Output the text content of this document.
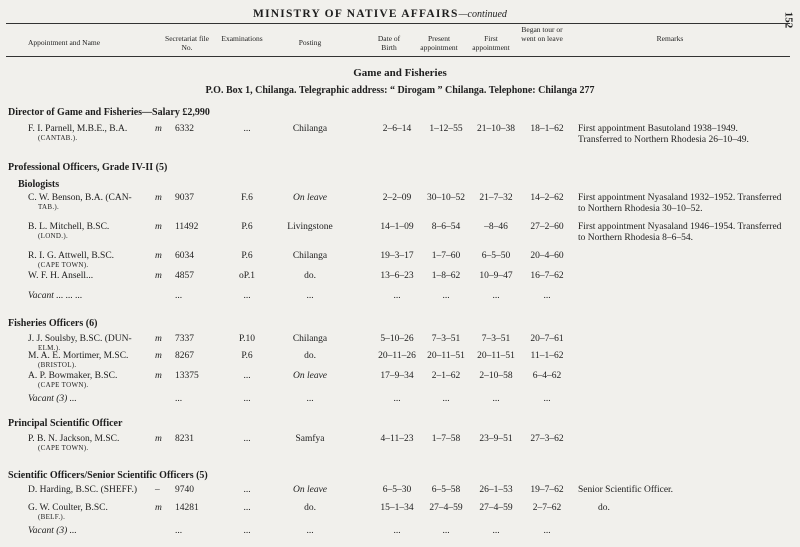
MINISTRY OF NATIVE AFFAIRS—continued	152
Appointment and Name	Secretariat file No.
Examinations	Posting	Date of Birth
Present appointment
First appointment
Began tour or went on leave	Remarks
Game and Fisheries
P.O. Box 1, Chilanga. Telegraphic address: “ Dirogam ” Chilanga. Telephone: Chilanga 277
Director of Game and Fisheries—Salary £2,990
F. I. Parnell, M.B.E., B.A.
(CANTAB.).
m 6332	...	Chilanga	2–6–14	1–12–55	21–10–38	18–1–62	First appointment Basutoland 1938–1949. Transferred to Northern Rhodesia 26–10–49.
Professional Officers, Grade IV-II (5)
Biologists
C. W. Benson, B.A. (CAN-
TAB.).
m 9037	F.6	On leave	2–2–09	30–10–52	21–7–32	14–2–62	First appointment Nyasaland 1932–1952. Transferred to Northern Rhodesia 30–10–52.
B. L. Mitchell, B.SC.
(LOND.).
m 11492	P.6	Livingstone	14–1–09	8–6–54	–8–46	27–2–60	First appointment Nyasaland 1946–1954. Transferred to Northern Rhodesia 8–6–54.
R. I. G. Attwell, B.SC.
(CAPE TOWN).
m 6034	P.6	Chilanga	19–3–17	1–7–60	6–5–50	20–4–60
W. F. H. Ansell...	m 4857	oP.1	do.	13–6–23	1–8–62	10–9–47	16–7–62
Vacant ... ... ...	...	...	...	...	...	...	...
Fisheries Officers (6)
J. J. Soulsby, B.SC. (DUN-
ELM.).
m 7337	P.10	Chilanga	5–10–26	7–3–51	7–3–51	20–7–61
M. A. E. Mortimer, M.SC.
(BRISTOL).
m 8267	P.6	do.	20–11–26	20–11–51	20–11–51	11–1–62
A. P. Bowmaker, B.SC.
(CAPE TOWN).
m 13375	...	On leave	17–9–34	2–1–62	2–10–58	6–4–62
Vacant (3) ...	...	...	...	...	...	...	...
Principal Scientific Officer
P. B. N. Jackson, M.SC.
(CAPE TOWN).
m 8231	...	Samfya	4–11–23	1–7–58	23–9–51	27–3–62
Scientific Officers/Senior Scientific Officers (5)
D. Harding, B.SC. (SHEFF.) – 9740	...	On leave	6–5–30	6–5–58	26–1–53	19–7–62	Senior Scientific Officer.
G. W. Coulter, B.SC.
(BELF.).
m 14281	...	do.	15–1–34	27–4–59	27–4–59	2–7–62	do.
Vacant (3) ...	...	...	...	...	...	...	...
